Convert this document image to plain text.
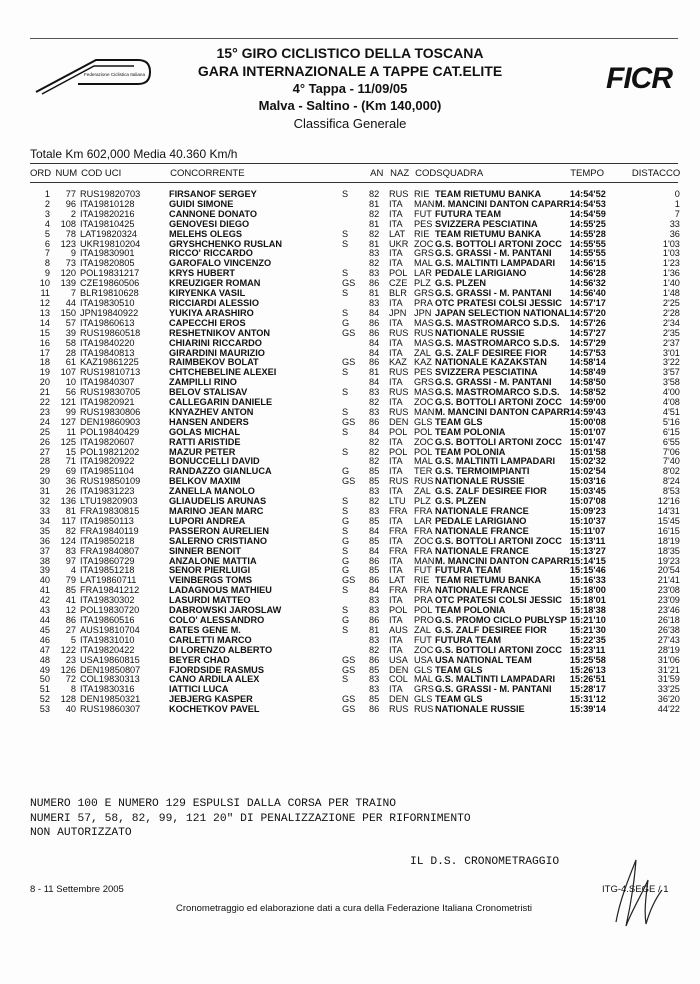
Federazione Ciclistica Italiana	FICR
15° GIRO CICLISTICO DELLA TOSCANA
GARA INTERNAZIONALE A TAPPE CAT.ELITE
4° Tappa - 11/09/05
Malva - Saltino - (Km 140,000)
Classifica Generale
Totale Km 602,000 Media 40.360 Km/h
ORD	NUM	COD UCI	CONCORRENTE		AN	NAZ	COD	SQUADRA	TEMPO	DISTACCO
1	77	RUS19820703	FIRSANOF SERGEY	S	82	RUS	RIE	TEAM RIETUMU BANKA	14:54'52	0
2	96	ITA19810128	GUIDI SIMONE		81	ITA	MAN	M. MANCINI DANTON CAPARR	14:54'53	1
3	2	ITA19820216	CANNONE DONATO		82	ITA	FUT	FUTURA TEAM	14:54'59	7
4	108	ITA19810425	GENOVESI DIEGO		81	ITA	PES	SVIZZERA PESCIATINA	14:55'25	33
5	78	LAT19820324	MELEHS OLEGS	S	82	LAT	RIE	TEAM RIETUMU BANKA	14:55'28	36
6	123	UKR19810204	GRYSHCHENKO RUSLAN	S	81	UKR	ZOC	G.S. BOTTOLI ARTONI ZOCC	14:55'55	1'03
7	9	ITA19830901	RICCO' RICCARDO		83	ITA	GRS	G.S. GRASSI - M. PANTANI	14:55'55	1'03
8	73	ITA19820805	GAROFALO VINCENZO		82	ITA	MAL	G.S. MALTINTI LAMPADARI	14:56'15	1'23
9	120	POL19831217	KRYS HUBERT	S	83	POL	LAR	PEDALE LARIGIANO	14:56'28	1'36
10	139	CZE19860506	KREUZIGER ROMAN	GS	86	CZE	PLZ	G.S. PLZEN	14:56'32	1'40
11	7	BLR19810628	KIRYENKA VASIL	S	81	BLR	GRS	G.S. GRASSI - M. PANTANI	14:56'40	1'48
12	44	ITA19830510	RICCIARDI ALESSIO		83	ITA	PRA	OTC PRATESI COLSI JESSIC	14:57'17	2'25
13	150	JPN19840922	YUKIYA ARASHIRO	S	84	JPN	JPN	JAPAN SELECTION NATIONAL	14:57'20	2'28
14	57	ITA19860613	CAPECCHI EROS	G	86	ITA	MAS	G.S. MASTROMARCO S.D.S.	14:57'26	2'34
15	39	RUS19860518	RESHETNIKOV ANTON	GS	86	RUS	RUS	NATIONALE RUSSIE	14:57'27	2'35
16	58	ITA19840220	CHIARINI RICCARDO		84	ITA	MAS	G.S. MASTROMARCO S.D.S.	14:57'29	2'37
17	28	ITA19840813	GIRARDINI MAURIZIO		84	ITA	ZAL	G.S. ZALF DESIREE FIOR	14:57'53	3'01
18	61	KAZ19861225	RAIMBEKOV BOLAT	GS	86	KAZ	KAZ	NATIONALE KAZAKSTAN	14:58'14	3'22
19	107	RUS19810713	CHTCHEBELINE ALEXEI	S	81	RUS	PES	SVIZZERA PESCIATINA	14:58'49	3'57
20	10	ITA19840307	ZAMPILLI RINO		84	ITA	GRS	G.S. GRASSI - M. PANTANI	14:58'50	3'58
21	56	RUS19830705	BELOV STALISAV	S	83	RUS	MAS	G.S. MASTROMARCO S.D.S.	14:58'52	4'00
22	121	ITA19820921	CALLEGARIN DANIELE		82	ITA	ZOC	G.S. BOTTOLI ARTONI ZOCC	14:59'00	4'08
23	99	RUS19830806	KNYAZHEV ANTON	S	83	RUS	MAN	M. MANCINI DANTON CAPARR	14:59'43	4'51
24	127	DEN19860903	HANSEN ANDERS	GS	86	DEN	GLS	TEAM GLS	15:00'08	5'16
25	11	POL19840429	GOLAS MICHAL	S	84	POL	POL	TEAM POLONIA	15:01'07	6'15
26	125	ITA19820607	RATTI ARISTIDE		82	ITA	ZOC	G.S. BOTTOLI ARTONI ZOCC	15:01'47	6'55
27	15	POL19821202	MAZUR PETER	S	82	POL	POL	TEAM POLONIA	15:01'58	7'06
28	71	ITA19820922	BONUCCELLI DAVID		82	ITA	MAL	G.S. MALTINTI LAMPADARI	15:02'32	7'40
29	69	ITA19851104	RANDAZZO GIANLUCA	G	85	ITA	TER	G.S. TERMOIMPIANTI	15:02'54	8'02
30	36	RUS19850109	BELKOV MAXIM	GS	85	RUS	RUS	NATIONALE RUSSIE	15:03'16	8'24
31	26	ITA19831223	ZANELLA MANOLO		83	ITA	ZAL	G.S. ZALF DESIREE FIOR	15:03'45	8'53
32	136	LTU19820903	GLIAUDELIS ARUNAS	S	82	LTU	PLZ	G.S. PLZEN	15:07'08	12'16
33	81	FRA19830815	MARINO JEAN MARC	S	83	FRA	FRA	NATIONALE FRANCE	15:09'23	14'31
34	117	ITA19850113	LUPORI ANDREA	G	85	ITA	LAR	PEDALE LARIGIANO	15:10'37	15'45
35	82	FRA19840119	PASSERON AURELIEN	S	84	FRA	FRA	NATIONALE FRANCE	15:11'07	16'15
36	124	ITA19850218	SALERNO CRISTIANO	G	85	ITA	ZOC	G.S. BOTTOLI ARTONI ZOCC	15:13'11	18'19
37	83	FRA19840807	SINNER BENOIT	S	84	FRA	FRA	NATIONALE FRANCE	15:13'27	18'35
38	97	ITA19860729	ANZALONE MATTIA	G	86	ITA	MAN	M. MANCINI DANTON CAPARR	15:14'15	19'23
39	4	ITA19851218	SENOR PIERLUIGI	G	85	ITA	FUT	FUTURA TEAM	15:15'46	20'54
40	79	LAT19860711	VEINBERGS TOMS	GS	86	LAT	RIE	TEAM RIETUMU BANKA	15:16'33	21'41
41	85	FRA19841212	LADAGNOUS MATHIEU	S	84	FRA	FRA	NATIONALE FRANCE	15:18'00	23'08
42	41	ITA19830302	LASURDI MATTEO		83	ITA	PRA	OTC PRATESI COLSI JESSIC	15:18'01	23'09
43	12	POL19830720	DABROWSKI JAROSLAW	S	83	POL	POL	TEAM POLONIA	15:18'38	23'46
44	86	ITA19860516	COLO' ALESSANDRO	G	86	ITA	PRO	G.S. PROMO CICLO PUBLYSP	15:21'10	26'18
45	27	AUS19810704	BATES GENE M.	S	81	AUS	ZAL	G.S. ZALF DESIREE FIOR	15:21'30	26'38
46	5	ITA19831010	CARLETTI MARCO		83	ITA	FUT	FUTURA TEAM	15:22'35	27'43
47	122	ITA19820422	DI LORENZO ALBERTO		82	ITA	ZOC	G.S. BOTTOLI ARTONI ZOCC	15:23'11	28'19
48	23	USA19860815	BEYER CHAD	GS	86	USA	USA	USA NATIONAL TEAM	15:25'58	31'06
49	126	DEN19850807	FJORDSIDE RASMUS	GS	85	DEN	GLS	TEAM GLS	15:26'13	31'21
50	72	COL19830313	CANO ARDILA ALEX	S	83	COL	MAL	G.S. MALTINTI LAMPADARI	15:26'51	31'59
51	8	ITA19830316	IATTICI LUCA		83	ITA	GRS	G.S. GRASSI - M. PANTANI	15:28'17	33'25
52	128	DEN19850321	JEBJERG KASPER	GS	85	DEN	GLS	TEAM GLS	15:31'12	36'20
53	40	RUS19860307	KOCHETKOV PAVEL	GS	86	RUS	RUS	NATIONALE RUSSIE	15:39'14	44'22
NUMERO 100 E NUMERO 129 ESPULSI DALLA CORSA PER TRAINO
NUMERI 57, 58, 82, 99, 121 20" DI PENALIZZAZIONE PER RIFORNIMENTO
NON AUTORIZZATO
IL D.S. CRONOMETRAGGIO
8 - 11 Settembre 2005	ITG-4.SEGE / 1
Cronometraggio ed elaborazione dati a cura della Federazione Italiana Cronometristi
